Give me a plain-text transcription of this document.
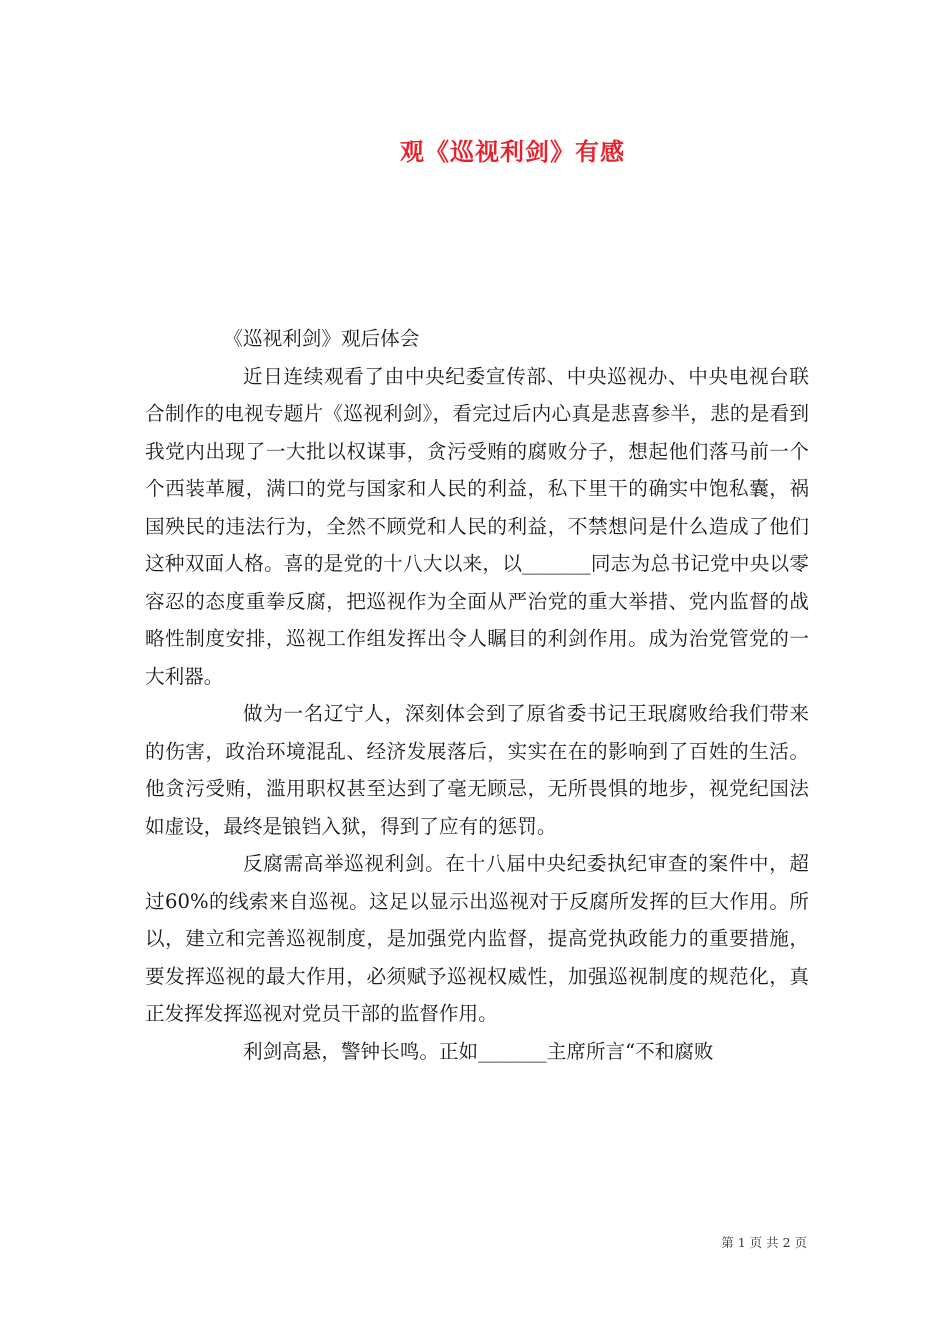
观《巡视利剑》有感

《巡视利剑》观后体会

近日连续观看了由中央纪委宣传部、中央巡视办、中央电视台联合制作的电视专题片《巡视利剑》，看完过后内心真是悲喜参半，悲的是看到我党内出现了一大批以权谋事，贪污受贿的腐败分子，想起他们落马前一个个西装革履，满口的党与国家和人民的利益，私下里干的确实中饱私囊，祸国殃民的违法行为，全然不顾党和人民的利益，不禁想问是什么造成了他们这种双面人格。喜的是党的十八大以来，以_______同志为总书记党中央以零容忍的态度重拳反腐，把巡视作为全面从严治党的重大举措、党内监督的战略性制度安排，巡视工作组发挥出令人瞩目的利剑作用。成为治党管党的一大利器。

做为一名辽宁人，深刻体会到了原省委书记王珉腐败给我们带来的伤害，政治环境混乱、经济发展落后，实实在在的影响到了百姓的生活。他贪污受贿，滥用职权甚至达到了毫无顾忌，无所畏惧的地步，视党纪国法如虚设，最终是锒铛入狱，得到了应有的惩罚。

反腐需高举巡视利剑。在十八届中央纪委执纪审查的案件中，超过60%的线索来自巡视。这足以显示出巡视对于反腐所发挥的巨大作用。所以，建立和完善巡视制度，是加强党内监督，提高党执政能力的重要措施，要发挥巡视的最大作用，必须赋予巡视权威性，加强巡视制度的规范化，真正发挥发挥巡视对党员干部的监督作用。

利剑高悬，警钟长鸣。正如_______主席所言“不和腐败

第 1 页 共 2 页
